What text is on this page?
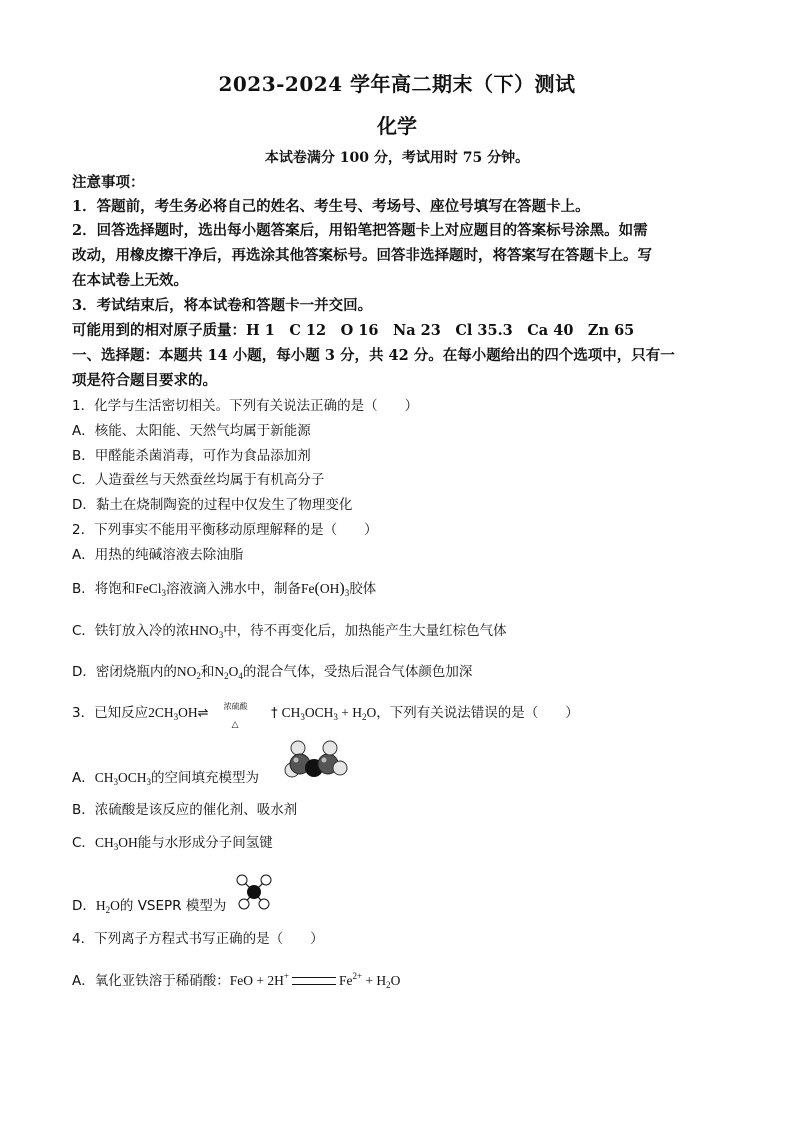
2023-2024 学年高二期末（下）测试
化学
本试卷满分 100 分，考试用时 75 分钟。
注意事项：
1．答题前，考生务必将自己的姓名、考生号、考场号、座位号填写在答题卡上。
2．回答选择题时，选出每小题答案后，用铅笔把答题卡上对应题目的答案标号涂黑。如需
改动，用橡皮擦干净后，再选涂其他答案标号。回答非选择题时，将答案写在答题卡上。写
在本试卷上无效。
3．考试结束后，将本试卷和答题卡一并交回。
可能用到的相对原子质量：H 1　C 12　O 16　Na 23　Cl 35.3　Ca 40　Zn 65
一、选择题：本题共 14 小题，每小题 3 分，共 42 分。在每小题给出的四个选项中，只有一
项是符合题目要求的。
1．化学与生活密切相关。下列有关说法正确的是（　　）
A．核能、太阳能、天然气均属于新能源
B．甲醛能杀菌消毒，可作为食品添加剂
C．人造蚕丝与天然蚕丝均属于有机高分子
D．黏土在烧制陶瓷的过程中仅发生了物理变化
2．下列事实不能用平衡移动原理解释的是（　　）
A．用热的纯碱溶液去除油脂
B．将饱和FeCl$_3$溶液滴入沸水中，制备$Fe(OH)_3$胶体
C．铁钉放入冷的浓$HNO_3$中，待不再变化后，加热能产生大量红棕色气体
D．密闭烧瓶内的$NO_2$和$N_2O_4$的混合气体，受热后混合气体颜色加深
3．已知反应$2CH_3OH$ ⇌ 浓硫酸
△
† $CH_3OCH_3 + H_2O$，下列有关说法错误的是（　　）
A．$CH_3OCH_3$的空间填充模型为
B．浓硫酸是该反应的催化剂、吸水剂
C．$CH_3OH$能与水形成分子间氢键
D．$H_2O$的 VSEPR 模型为
4．下列离子方程式书写正确的是（　　）
A．氧化亚铁溶于稀硝酸：FeO + 2H+	$Fe^{2+} + H_2O$
